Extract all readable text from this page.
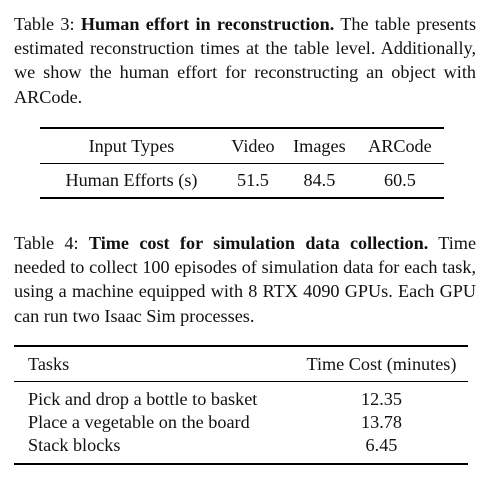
Table 3: Human effort in reconstruction. The table presents estimated reconstruction times at the table level. Additionally, we show the human effort for reconstructing an object with ARCode.

Input Types	Video	Images	ARCode
Human Efforts (s)	51.5	84.5	60.5

Table 4: Time cost for simulation data collection. Time needed to collect 100 episodes of simulation data for each task, using a machine equipped with 8 RTX 4090 GPUs. Each GPU can run two Isaac Sim processes.

Tasks	Time Cost (minutes)
Pick and drop a bottle to basket	12.35
Place a vegetable on the board	13.78
Stack blocks	6.45
